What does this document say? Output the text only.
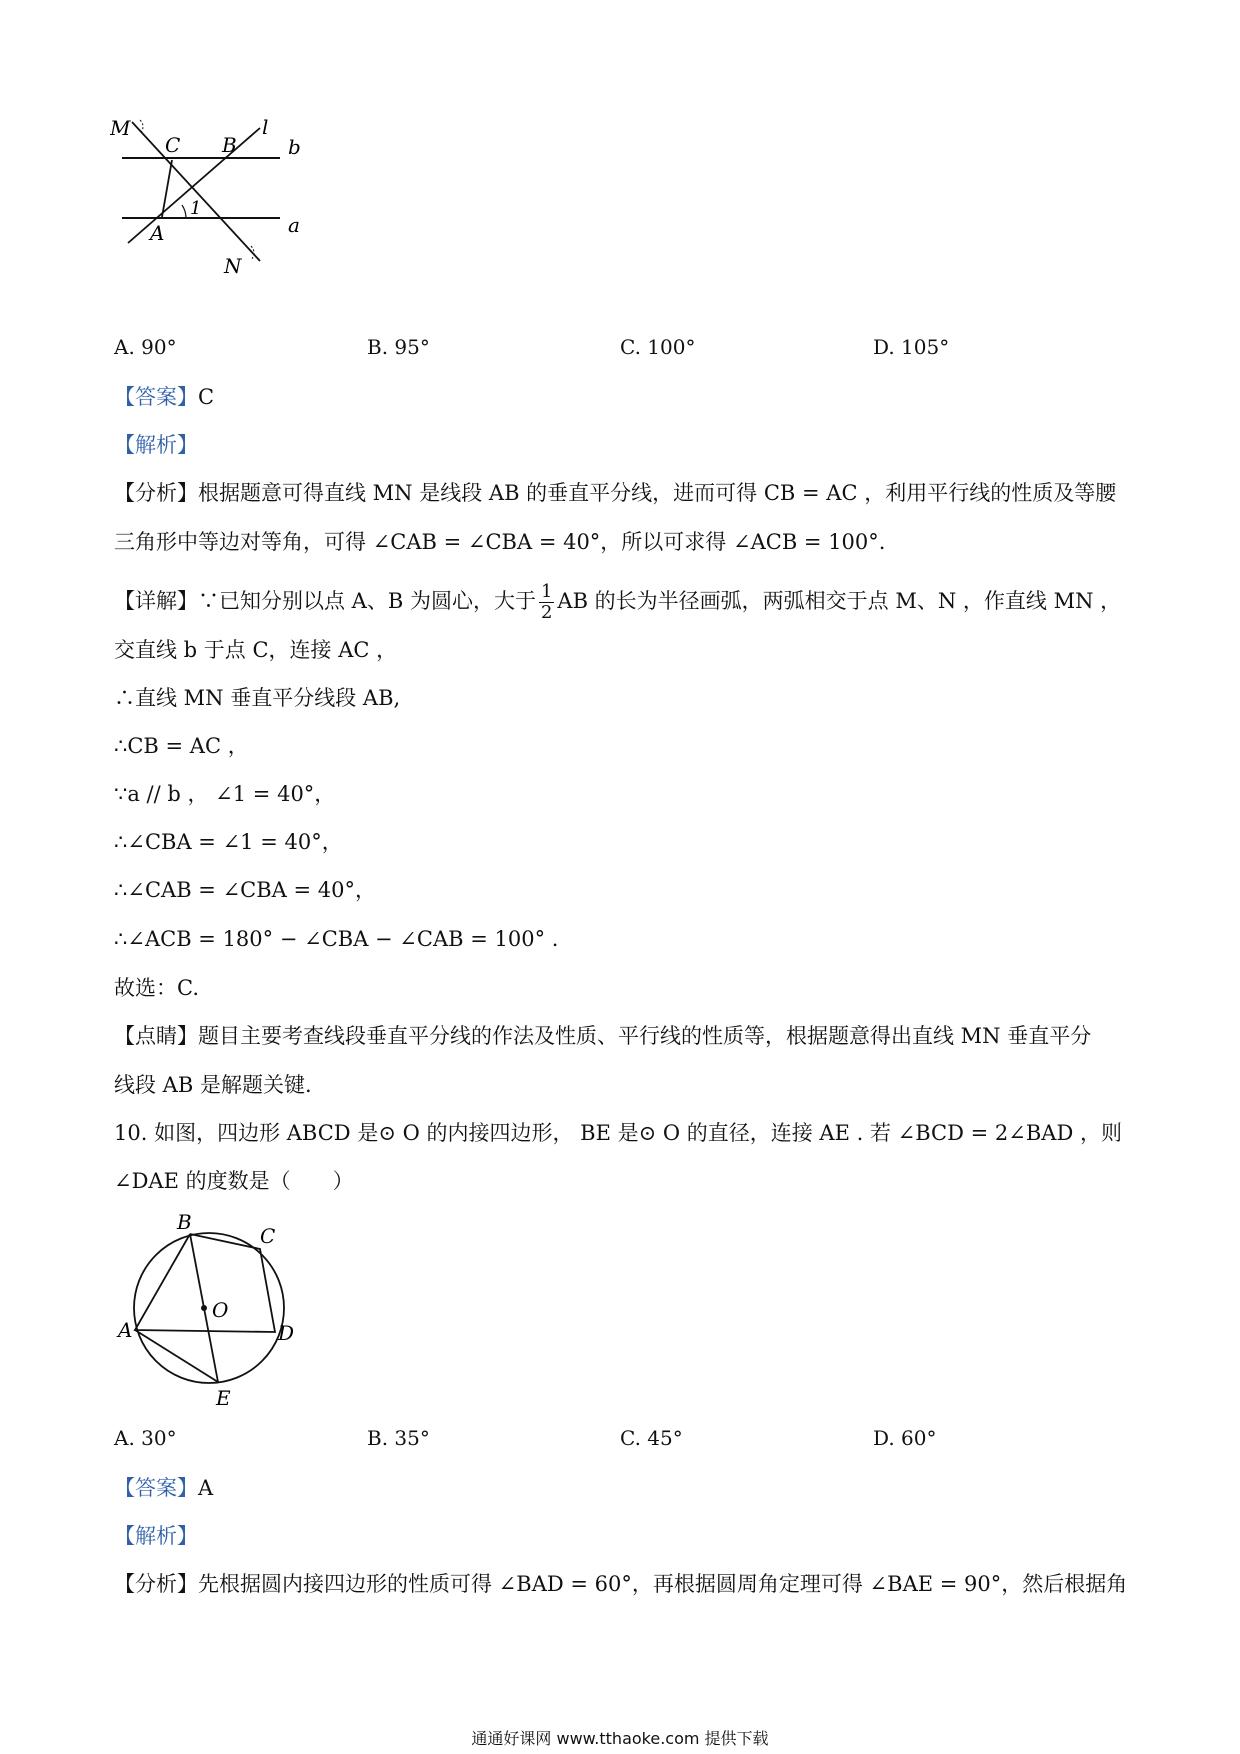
M
C B
l
b
1
a
A
N
A. 90°	B. 95°	C. 100°	D. 105°
【答案】C
【解析】
【分析】根据题意可得直线 MN 是线段 AB 的垂直平分线，进而可得 CB = AC ，利用平行线的性质及等腰
三角形中等边对等角，可得 ∠CAB = ∠CBA = 40°，所以可求得 ∠ACB = 100°.
【详解】∵已知分别以点 A、B 为圆心，大于 $\frac{1}{2}$ AB 的长为半径画弧，两弧相交于点 M、N ，作直线 MN ，
交直线 b 于点 C，连接 AC ，
∴直线 MN 垂直平分线段 AB,
∴CB = AC ，
∵a // b ， ∠1 = 40°，
∴∠CBA = ∠1 = 40°，
∴∠CAB = ∠CBA = 40°，
∴∠ACB = 180° − ∠CBA − ∠CAB = 100° .
故选：C.
【点睛】题目主要考查线段垂直平分线的作法及性质、平行线的性质等，根据题意得出直线 MN 垂直平分
线段 AB 是解题关键.
10. 如图，四边形 ABCD 是⊙ O 的内接四边形， BE 是⊙ O 的直径，连接 AE . 若 ∠BCD = 2∠BAD ，则
∠DAE 的度数是（　　）
B
C
O
A	D
E
A. 30°	B. 35°	C. 45°	D. 60°
【答案】A
【解析】
【分析】先根据圆内接四边形的性质可得 ∠BAD = 60°，再根据圆周角定理可得 ∠BAE = 90°，然后根据角
通通好课网 www.tthaoke.com 提供下载
